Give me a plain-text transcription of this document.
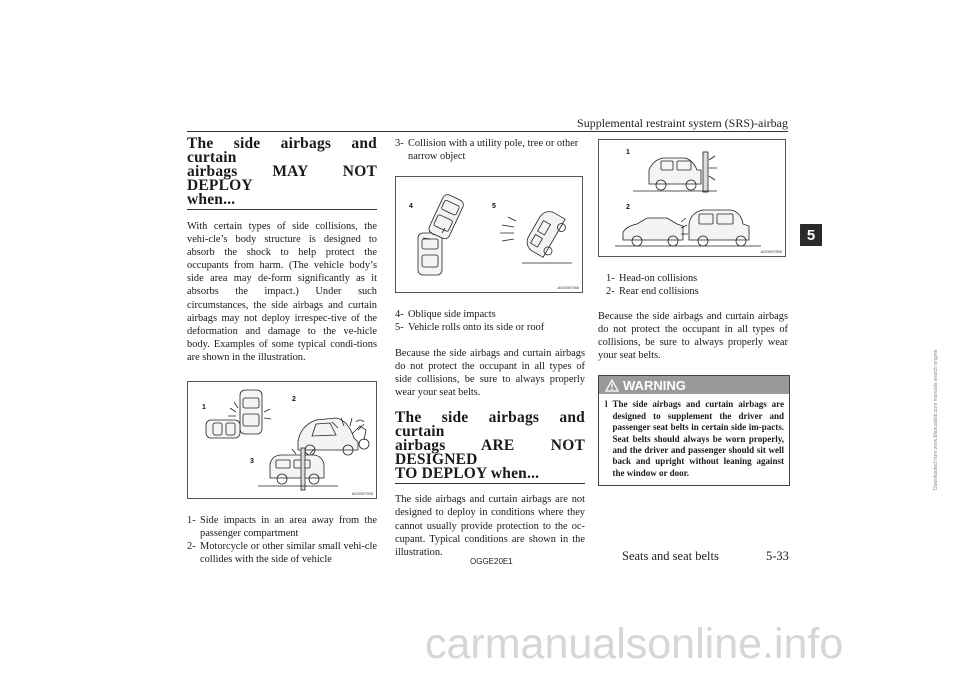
Supplemental restraint system (SRS)-airbag
5
The side airbags and curtain
airbags MAY NOT DEPLOY
when...

With certain types of side collisions, the vehi-cle’s body structure is designed to absorb the shock to help protect the occupants from harm. (The vehicle body’s side area may de-form significantly as it absorbs the impact.) Under such circumstances, the side airbags and curtain airbags may not deploy irrespec-tive of the deformation and damage to the ve-hicle body. Examples of some typical condi-tions are shown in the illustration.

1
2
3
AG0007933
1- Side impacts in an area away from the passenger compartment
2- Motorcycle or other similar small vehi-cle collides with the side of vehicle
3- Collision with a utility pole, tree or other narrow object
4	5
AG0007946
4- Oblique side impacts
5- Vehicle rolls onto its side or roof

Because the side airbags and curtain airbags do not protect the occupant in all types of side collisions, be sure to always properly wear your seat belts.

The side airbags and curtain
airbags ARE NOT DESIGNED
TO DEPLOY when...

The side airbags and curtain airbags are not designed to deploy in conditions where they cannot usually provide protection to the oc-cupant. Typical conditions are shown in the illustration.

1
2
AG0007959
1- Head-on collisions
2- Rear end collisions

Because the side airbags and curtain airbags do not protect the occupant in all types of collisions, be sure to always properly wear your seat belts.

WARNING
l The side airbags and curtain airbags are designed to supplement the driver and passenger seat belts in certain side im-pacts. Seat belts should always be worn properly, and the driver and passenger should sit well back and upright without leaning against the window or door.
OGGE20E1	Seats and seat belts	5-33
Downloaded from www.Manualslib.com manuals search engine
carmanualsonline.info
